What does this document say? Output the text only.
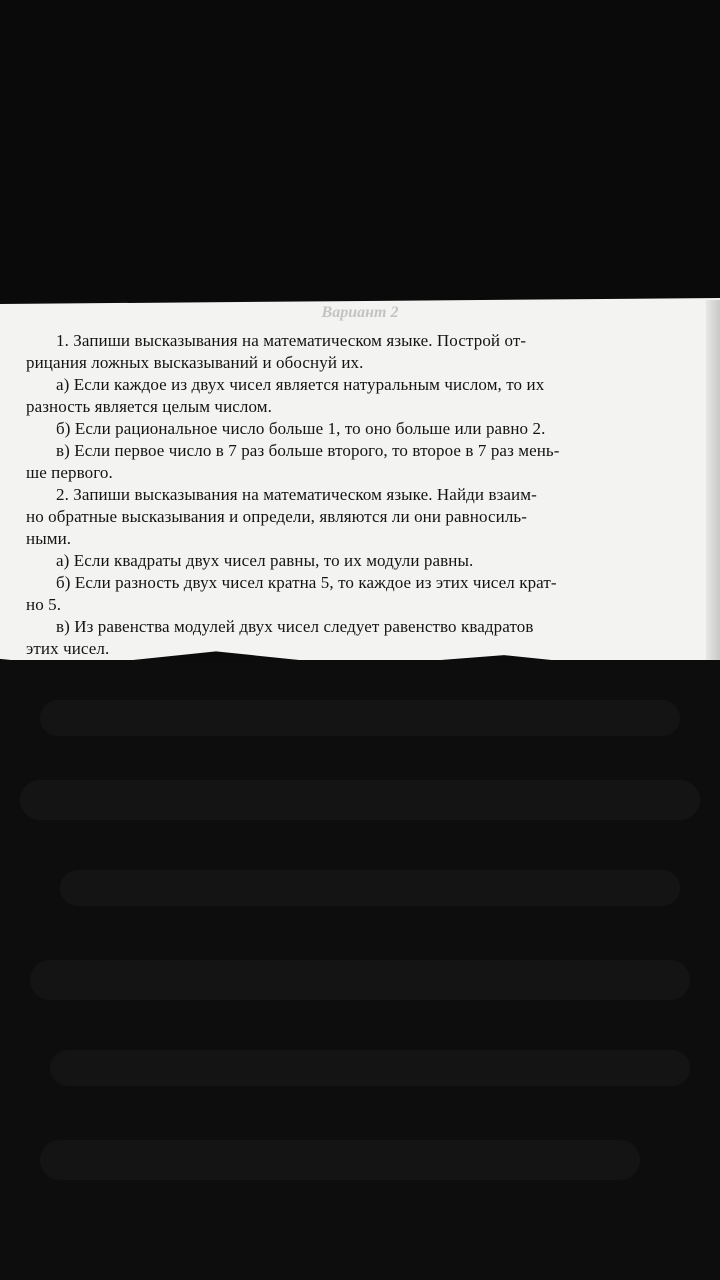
Вариант 2
1. Запиши высказывания на математическом языке. Построй от-
рицания ложных высказываний и обоснуй их.
а) Если каждое из двух чисел является натуральным числом, то их
разность является целым числом.
б) Если рациональное число больше 1, то оно больше или равно 2.
в) Если первое число в 7 раз больше второго, то второе в 7 раз мень-
ше первого.
2. Запиши высказывания на математическом языке. Найди взаим-
но обратные высказывания и определи, являются ли они равносиль-
ными.
а) Если квадраты двух чисел равны, то их модули равны.
б) Если разность двух чисел кратна 5, то каждое из этих чисел крат-
но 5.
в) Из равенства модулей двух чисел следует равенство квадратов
этих чисел.
